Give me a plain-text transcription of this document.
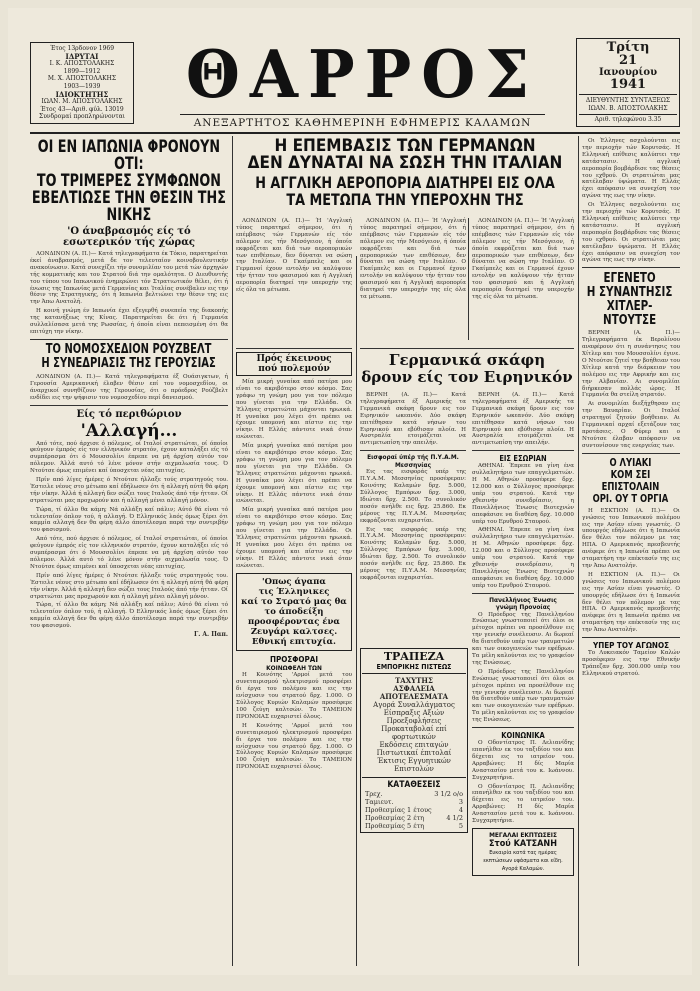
Έτος 13ρδονον 1969
ΙΔΡΥΤΑΙ
Ι. Κ. ΑΠΟΣΤΟΛΑΚΗΣ
1899—1912
Μ. Χ. ΑΠΟΣΤΟΛΑΚΗΣ
1903—1939
ΙΔΙΟΚΤΗΤΗΣ
ΙΩΑΝ. Μ. ΑΠΟΣΤΟΛΑΚΗΣ
Έτος 43—Αριθ. φύλ. 13019
Συνδρομαί προπληρώνονται
ΘΑΡΡΟΣ
ΑΝΕΞΑΡΤΗΤΟΣ ΚΑΘΗΜΕΡΙΝΗ ΕΦΗΜΕΡΙΣ ΚΑΛΑΜΩΝ
Τρίτη
21
Ιανουρίου
1941
ΔΙΕΥΘΥΝΤΗΣ ΣΥΝΤΑΞΕΩΣ
ΙΩΑΝ. Β. ΑΠΟΣΤΟΛΑΚΗΣ
Αριθ. τηλεφώνου 3.35
ΟΙ ΕΝ ΙΑΠΩΝΙΑ ΦΡΟΝΟΥΝ ΟΤΙ:
ΤΟ ΤΡΙΜΕΡΕΣ ΣΥΜΦΩΝΟΝ
ΕΒΕΛΤΙΩΣΕ ΤΗΝ ΘΕΣΙΝ ΤΗΣ ΝΙΚΗΣ
'Ο άναβρασμός είς τό
εσωτερικόν τής χώρας

ΛΟΝΔΙΝΟΝ (Α. Π.)— Κατά τηλεγραφήματα έκ Τόκιο, παρατηρείται έκεί άναβρασμός, μετά δε τον τελευταίον κοινοβουλευτικήν ανακοίνωσιν. Κατά συνεχίζει τήν συνομιλίαν του μετά τών άρχηγών τής κομματικής και του Στρατού διά την ομαλότητα. Ο Διευθυντής του τύπου του Ιαπωνικού ένημερώνει τόν Στρατιωτικόν θέλει, ότι ή ένωσις της Ιαπωνίας μετά Γερμανίας και Ίταλίας συνέβαλεν εις την θέσιν της Στρατηγικής, ότι ή Ιαπωνία βελτιώνει την θέσιν της εις την Άπω Ανατολή.

Η κοινή γνώμη έν Ιαπωνία έχει εξεγερθή συνεπεία της διακοπής της κατανήξεως της Κίνας. Παρατηρείται δε ότι ή Γερμανία συλλαλίσασα μετά της Ρωσσίας, ή όποία είναι πεπεισμένη ότι θα επιτύχη την νίκην.

ΤΟ ΝΟΜΟΣΧΕΔΙΟΝ ΡΟΥΖΒΕΛΤ
Η ΣΥΝΕΔΡΙΑΣΙΣ ΤΗΣ ΓΕΡΟΥΣΙΑΣ

ΛΟΝΔΙΝΟΝ (Α. Π.)— Κατά τηλεγραφήματα έξ Ουάσιγκτων, ή Γερουσία Αμερικανική έλαβεν θέσιν επί του νομοσχεδίου, οι άναρχικοί συνηθίζουν της Γερουσίας, ότι ο πρόεδρος Ρούζβελτ ενδίδει εις την ψήφισιν του νομοσχεδίου περί δανεισμού.

Είς τό περιθώριον
'Αλλαγή...

Από τότε, πού άρχισε ό πόλεμος, οί Ιταλοί στρατιώται, οί όποίοι φεύγουν έμπρός είς τον ελληνικόν στρατόν, έχουν καταλήξει είς τό συμπέρασμα ότι ό Μουσσολίνι έπρεπε να μή άρχίση αύτόν τον πόλεμον. Άλλά αυτό τό λένε μόνον στήν αιχμαλωσία τους. Ό Ντούτσε όμως επιμένει καί ύποσχεται νέας επιτυχίας.

Πρίν από λίγες ήμέρες ό Ντούτσε ήλλαξε τούς στρατηγούς του. Έστειλε νέους στο μέτωπο καί έδήλωσεν ότι ή αλλαγή αύτή θά φέρη τήν νίκην. Άλλά ή αλλαγή δεν σώζει τους Ιταλούς άπό τήν ήτταν. Οί στρατιώται μας προχωρούν και ή αλλαγή μένει αλλαγή μόνον.

Τώρα, τί άλλο θα κάμη; Νά αλλάξη καί πάλιν; Αύτό θά είναι τό τελευταίον όπλον τού, ή αλλαγή. Ό Ελληνικός λαός όμως ξέρει ότι καμμία αλλαγή δεν θα φέρη άλλο άποτέλεσμα παρά την συντριβήν του φασισμού.

Από τότε, πού άρχισε ό πόλεμος, οί Ιταλοί στρατιώται, οί όποίοι φεύγουν έμπρός είς τον ελληνικόν στρατόν, έχουν καταλήξει είς τό συμπέρασμα ότι ό Μουσσολίνι έπρεπε να μή άρχίση αύτόν τον πόλεμον. Άλλά αυτό τό λένε μόνον στήν αιχμαλωσία τους. Ό Ντούτσε όμως επιμένει καί ύποσχεται νέας επιτυχίας.

Πρίν από λίγες ήμέρες ό Ντούτσε ήλλαξε τούς στρατηγούς του. Έστειλε νέους στο μέτωπο καί έδήλωσεν ότι ή αλλαγή αύτή θά φέρη τήν νίκην. Άλλά ή αλλαγή δεν σώζει τους Ιταλούς άπό τήν ήτταν. Οί στρατιώται μας προχωρούν και ή αλλαγή μένει αλλαγή μόνον.

Τώρα, τί άλλο θα κάμη; Νά αλλάξη καί πάλιν; Αύτό θά είναι τό τελευταίον όπλον τού, ή αλλαγή. Ό Ελληνικός λαός όμως ξέρει ότι καμμία αλλαγή δεν θα φέρη άλλο άποτέλεσμα παρά την συντριβήν του φασισμού.

Γ. Α. Παπ.
Η ΕΠΕΜΒΑΣΙΣ ΤΩΝ ΓΕΡΜΑΝΩΝ
ΔΕΝ ΔΥΝΑΤΑΙ ΝΑ ΣΩΣΗ ΤΗΝ ΙΤΑΛΙΑΝ
Η ΑΓΓΛΙΚΗ ΑΕΡΟΠΟΡΙΑ ΔΙΑΤΗΡΕΙ ΕΙΣ ΟΛΑ
ΤΑ ΜΕΤΩΠΑ ΤΗΝ ΥΠΕΡΟΧΗΝ ΤΗΣ

ΛΟΝΔΙΝΟΝ (Α. Π.)— Ή 'Αγγλική τύπος παρατηρεί σήμερον, ότι ή επέμβασις τών Γερμανών είς τόν πόλεμον εις τήν Μεσόγειον, ή όποία εκφράζεται και διά των αεροπορικών των επιθέσεων, δεν δύναται να σώση την Ιταλίαν. Ο Γκαίμπελς και οι Γερμανοί έχουν εντολήν να καλύψουν τήν ήτταν του φασισμού και ή Αγγλική αεροπορία διατηρεί την υπεροχήν της είς όλα τα μέτωπα.

ΛΟΝΔΙΝΟΝ (Α. Π.)— Ή 'Αγγλική τύπος παρατηρεί σήμερον, ότι ή επέμβασις τών Γερμανών είς τόν πόλεμον εις τήν Μεσόγειον, ή όποία εκφράζεται και διά των αεροπορικών των επιθέσεων, δεν δύναται να σώση την Ιταλίαν. Ο Γκαίμπελς και οι Γερμανοί έχουν εντολήν να καλύψουν τήν ήτταν του φασισμού και ή Αγγλική αεροπορία διατηρεί την υπεροχήν της είς όλα τα μέτωπα.

ΛΟΝΔΙΝΟΝ (Α. Π.)— Ή 'Αγγλική τύπος παρατηρεί σήμερον, ότι ή επέμβασις τών Γερμανών είς τόν πόλεμον εις τήν Μεσόγειον, ή όποία εκφράζεται και διά των αεροπορικών των επιθέσεων, δεν δύναται να σώση την Ιταλίαν. Ο Γκαίμπελς και οι Γερμανοί έχουν εντολήν να καλύψουν τήν ήτταν του φασισμού και ή Αγγλική αεροπορία διατηρεί την υπεροχήν της είς όλα τα μέτωπα.

Πρός έκεινους
πού πολεμούν

Μία μικρή γυναίκα από πατέρα μου είναι το ακριβότερο στον κόσμο. Σας γράφω τη γνώμη μου για τον πόλεμο που γίνεται για την Ελλάδα. Οι Έλληνες στρατιώται μάχονται ηρωικά. Η γυναίκα μου λέγει ότι πρέπει να έχουμε υπομονή και πίστιν εις την νίκην. Η Ελλάς πάντοτε νικά όταν ενώνεται.

Μία μικρή γυναίκα από πατέρα μου είναι το ακριβότερο στον κόσμο. Σας γράφω τη γνώμη μου για τον πόλεμο που γίνεται για την Ελλάδα. Οι Έλληνες στρατιώται μάχονται ηρωικά. Η γυναίκα μου λέγει ότι πρέπει να έχουμε υπομονή και πίστιν εις την νίκην. Η Ελλάς πάντοτε νικά όταν ενώνεται.

Μία μικρή γυναίκα από πατέρα μου είναι το ακριβότερο στον κόσμο. Σας γράφω τη γνώμη μου για τον πόλεμο που γίνεται για την Ελλάδα. Οι Έλληνες στρατιώται μάχονται ηρωικά. Η γυναίκα μου λέγει ότι πρέπει να έχουμε υπομονή και πίστιν εις την νίκην. Η Ελλάς πάντοτε νικά όταν ενώνεται.

'Οπως άγαπα
τις Έλληνικες
καί το Στρατό μας θα
το άποδείξη προσφέροντας ένα Ζευγάρι καλτσες. Εθνική επιτυχία.
ΠΡΟΣΦΟΡΑΙ
ΚΟΙΝΩΦΕΛΗ ΤΩΝ

Η Κοινότης 'Αρμοί μετά του συνεταιρισμού ηλεκτρισμού προσφέρει δι έργα του πολέμου και εις την ενίσχυσιν του στρατού δρχ. 1.000. Ο Σύλλογος Κυριών Καλαμών προσέφερε 100 ζεύγη καλτσών. Το ΤΑΜΕΙΟΝ ΠΡΟΝΟΙΑΣ ευχαριστεί όλους.

Η Κοινότης 'Αρμοί μετά του συνεταιρισμού ηλεκτρισμού προσφέρει δι έργα του πολέμου και εις την ενίσχυσιν του στρατού δρχ. 1.000. Ο Σύλλογος Κυριών Καλαμών προσέφερε 100 ζεύγη καλτσών. Το ΤΑΜΕΙΟΝ ΠΡΟΝΟΙΑΣ ευχαριστεί όλους.

Γερμανικά σκάφη
δρουν είς τον Ειρηνικόν

ΒΕΡΝΗ (Α. Π.)— Κατά τηλεγραφήματα έξ Αμερικής τα Γερμανικά σκάφη δρουν εις τον Ειρηνικόν ωκεανόν. Δύο σκάφη επιτέθησαν κατά νήσων του Ειρηνικού και εβύθισαν πλοία. Η Αυστραλία ετοιμάζεται να αντιμετωπίση την απειλήν.

Εισφοραί ύπέρ τής Π.Υ.Α.Μ.
Μεσσηνίας

Εις τας εισφοράς υπέρ της Π.Υ.Α.Μ. Μεσσηνίας προσέφεραν: Κοινότης Καλαμών δρχ. 5.000, Σύλλογος Εμπόρων δρχ. 3.000, Ιδιώται δρχ. 2.500. Το συνολικόν ποσόν ανήλθε εις δρχ. 25.860. Εκ μέρους της Π.Υ.Α.Μ. Μεσσηνίας εκφράζονται ευχαριστίαι.

Εις τας εισφοράς υπέρ της Π.Υ.Α.Μ. Μεσσηνίας προσέφεραν: Κοινότης Καλαμών δρχ. 5.000, Σύλλογος Εμπόρων δρχ. 3.000, Ιδιώται δρχ. 2.500. Το συνολικόν ποσόν ανήλθε εις δρχ. 25.860. Εκ μέρους της Π.Υ.Α.Μ. Μεσσηνίας εκφράζονται ευχαριστίαι.

ΒΕΡΝΗ (Α. Π.)— Κατά τηλεγραφήματα έξ Αμερικής τα Γερμανικά σκάφη δρουν εις τον Ειρηνικόν ωκεανόν. Δύο σκάφη επιτέθησαν κατά νήσων του Ειρηνικού και εβύθισαν πλοία. Η Αυστραλία ετοιμάζεται να αντιμετωπίση την απειλήν.

ΕΙΣ ΕΣΩΡΙΑΝ

ΑΘΗΝΑΙ. Έπρεπε να γίνη ένα συλλαλητήριο των επαγγελματιών. Η Μ. Αθηνών προσέφερε δρχ. 12.000 και ο Σύλλογος προσέφερε υπέρ του στρατού. Κατά την χθεσινήν συνεδρίασιν, η Πανελλήνιος Ένωσις Βιοτεχνών απεφάσισε να διαθέση δρχ. 10.000 υπέρ του Ερυθρού Σταυρού.

ΑΘΗΝΑΙ. Έπρεπε να γίνη ένα συλλαλητήριο των επαγγελματιών. Η Μ. Αθηνών προσέφερε δρχ. 12.000 και ο Σύλλογος προσέφερε υπέρ του στρατού. Κατά την χθεσινήν συνεδρίασιν, η Πανελλήνιος Ένωσις Βιοτεχνών απεφάσισε να διαθέση δρχ. 10.000 υπέρ του Ερυθρού Σταυρού.

Πανελλήνιος Ένωσις
γνώμη Προνοίας

Ο Πρόεδρος της Πανελληνίου Ενώσεως γνωστοποιεί ότι όλοι οι μέτοχοι πρέπει να προσέλθουν εις την γενικήν συνέλευσιν. Αι δωρεαί θα διατεθούν υπέρ των τραυματιών και των οικογενειών των εφέδρων. Τα μέλη καλούνται εις το γραφείον της Ενώσεως.

Ο Πρόεδρος της Πανελληνίου Ενώσεως γνωστοποιεί ότι όλοι οι μέτοχοι πρέπει να προσέλθουν εις την γενικήν συνέλευσιν. Αι δωρεαί θα διατεθούν υπέρ των τραυματιών και των οικογενειών των εφέδρων. Τα μέλη καλούνται εις το γραφείον της Ενώσεως.

ΚΟΙΝΩΝΙΚΑ

Ο Οδοντίατρος Π. Δελιανίδης επανήλθεν εκ του ταξιδίου του και δέχεται εις το ιατρείον του. Αρραβώνες: Η δίς Μαρία Αναστασίου μετά του κ. Ιωάννου. Συγχαρητήρια.

Ο Οδοντίατρος Π. Δελιανίδης επανήλθεν εκ του ταξιδίου του και δέχεται εις το ιατρείον του. Αρραβώνες: Η δίς Μαρία Αναστασίου μετά του κ. Ιωάννου. Συγχαρητήρια.

ΜΕΓΑΛΑΙ ΕΚΠΤΩΣΕΙΣ
Στού ΚΑΤΣΑΝΗ
Ευκαιρία κατά τας ημέρας εκπτώσεων υφάσματα και είδη. Αγορά Καλαμών.
ΤΡΑΠΕΖΑ
ΕΜΠΟΡΙΚΗΣ ΠΙΣΤΕΩΣ
ΤΑΧΥΤΗΣ
ΑΣΦΑΛΕΙΑ ΑΠΟΤΕΛΕΣΜΑΤΑ
Αγορά Συναλλάγματος
Είσπραξις Αξιών
Προεξοφλήσεις
Προκαταβολαί επί φορτωτικών
Εκδόσεις επιταγών
Πιστωτικαί έπιτολαί
Έκτισις Εγγυητικών Επιστολών
ΚΑΤΑΘΕΣΕΙΣ
Τρεχ.	3 1/2 ο/ο
Ταμιευτ.	3
Προθεσμίας 1 έτους	4
Προθεσμίας 2 έτη	4 1/2
Προθεσμίας 5 έτη	5

Οι Έλληνες ασχολούνται εις την περιοχήν τών Κορυτσάς. Η Ελληνική επίθεσις καλύπτει την κατάστασιν. Η αγγλική αεροπορία βομβάρδισε τας θέσεις του εχθρού. Οι στρατιώται μας κατέλαβαν ύψώματα. Η Ελλάς έχει απόφασιν να συνεχίση τον αγώνα της εως την νίκην.

Οι Έλληνες ασχολούνται εις την περιοχήν τών Κορυτσάς. Η Ελληνική επίθεσις καλύπτει την κατάστασιν. Η αγγλική αεροπορία βομβάρδισε τας θέσεις του εχθρού. Οι στρατιώται μας κατέλαβαν ύψώματα. Η Ελλάς έχει απόφασιν να συνεχίση τον αγώνα της εως την νίκην.

ΕΓΕΝΕΤΟ
Η ΣΥΝΑΝΤΗΣΙΣ
ΧΙΤΛΕΡ-ΝΤΟΥΤΣΕ

ΒΕΡΝΗ (Α. Π.)— Τηλεγραφήματα έκ Βερολίνου αναφέρουν ότι η συνάντησις του Χίτλερ και του Μουσσολίνι έγινε. Ο Ντούτσε ζητεί την βοήθειαν του Χίτλερ κατά την διάρκειαν του πολέμου εις την Αφρικήν και εις την Αλβανίαν. Αι συνομιλίαι διήρκεσαν πολλάς ώρας. Η Γερμανία θα στείλη στρατόν.

Αι συνομιλίαι διεξήχθησαν εις την Βαυαρίαν. Οι Ιταλοί στρατηγοί ζητούν βοήθειαν. Αι Γερμανικαί αρχαί εξετάζουν τας προτάσεις. Ο Φύρερ και ο Ντούτσε έλαβαν απόφασιν να συντονίσουν τας ενεργείας των.

Ο ΛΥΙΑΚΙ
ΚΟΜ ΣΕΙ ΕΠΙΣΤΟΛΑΙΝ
ΟΡΙ. ΟΥ Τ ΟΡΓΙΑ

Η ΕΣΚΤΙΟΝ (Α. Π.)— Οι γνώσεις του Ιαπωνικού πολέμου εις την Ασίαν είναι γνωστές. Ο υπουργός εδήλωσε ότι ή Ιαπωνία δεν θέλει τον πόλεμον με τας ΗΠΑ. Ο Αμερικανός πρεσβευτής ανέφερε ότι η Ιαπωνία πρέπει να σταματήση την επέκτασίν της εις την Άπω Ανατολήν.

Η ΕΣΚΤΙΟΝ (Α. Π.)— Οι γνώσεις του Ιαπωνικού πολέμου εις την Ασίαν είναι γνωστές. Ο υπουργός εδήλωσε ότι ή Ιαπωνία δεν θέλει τον πόλεμον με τας ΗΠΑ. Ο Αμερικανός πρεσβευτής ανέφερε ότι η Ιαπωνία πρέπει να σταματήση την επέκτασίν της εις την Άπω Ανατολήν.

ΥΠΕΡ ΤΟΥ ΑΓΩΝΟΣ

Το Λυκειακόν Ταμείον Καλών προσέφερεν εις την Εθνικήν Τράπεζαν δρχ. 300.000 υπέρ του Ελληνικού στρατού.
